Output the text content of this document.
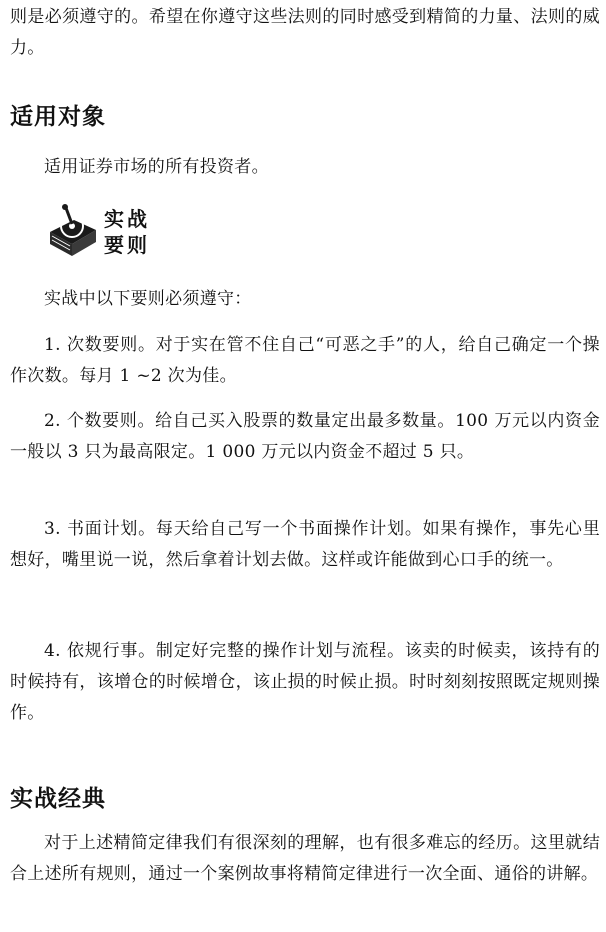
则是必须遵守的。希望在你遵守这些法则的同时感受到精简的力量、法则的威力。

适用对象

适用证券市场的所有投资者。

实战
要则

实战中以下要则必须遵守：

1. 次数要则。对于实在管不住自己“可恶之手”的人，给自己确定一个操作次数。每月 1 ~2 次为佳。

2. 个数要则。给自己买入股票的数量定出最多数量。100 万元以内资金一般以 3 只为最高限定。1 000 万元以内资金不超过 5 只。

3. 书面计划。每天给自己写一个书面操作计划。如果有操作，事先心里想好，嘴里说一说，然后拿着计划去做。这样或许能做到心口手的统一。

4. 依规行事。制定好完整的操作计划与流程。该卖的时候卖，该持有的时候持有，该增仓的时候增仓，该止损的时候止损。时时刻刻按照既定规则操作。

实战经典

对于上述精简定律我们有很深刻的理解，也有很多难忘的经历。这里就结合上述所有规则，通过一个案例故事将精简定律进行一次全面、通俗的讲解。
